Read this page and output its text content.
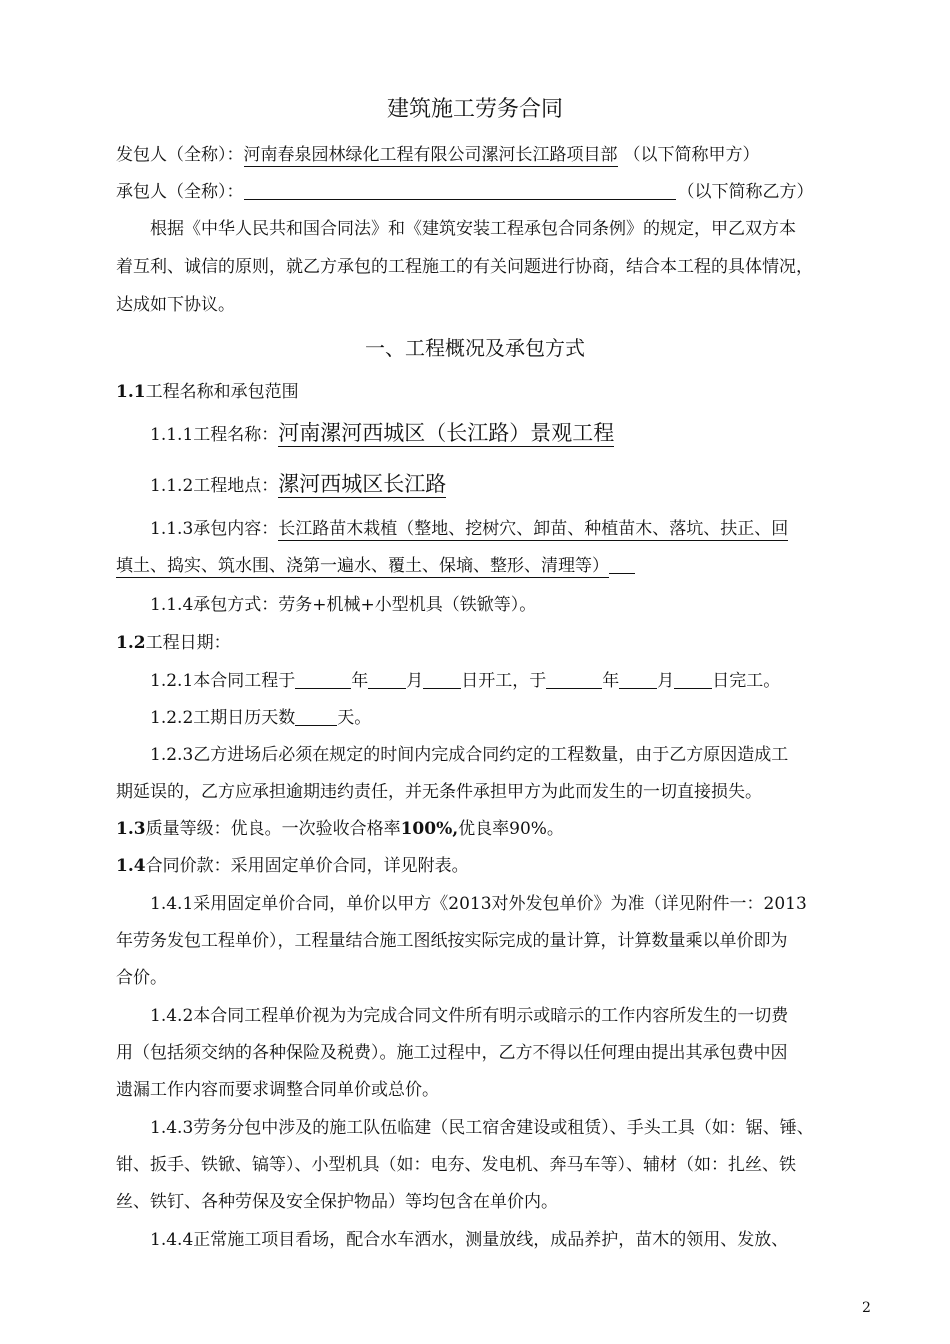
建筑施工劳务合同
发包人（全称）：河南春泉园林绿化工程有限公司漯河长江路项目部 （以下简称甲方）
承包人（全称）：	（以下简称乙方）
根据《中华人民共和国合同法》和《建筑安装工程承包合同条例》的规定，甲乙双方本
着互利、诚信的原则，就乙方承包的工程施工的有关问题进行协商，结合本工程的具体情况，
达成如下协议。
一、工程概况及承包方式
1.1工程名称和承包范围
1.1.1工程名称：河南漯河西城区（长江路）景观工程
1.1.2工程地点：漯河西城区长江路
1.1.3承包内容：长江路苗木栽植（整地、挖树穴、卸苗、种植苗木、落坑、扶正、回
填土、捣实、筑水围、浇第一遍水、覆土、保墒、整形、清理等）
1.1.4承包方式：劳务+机械+小型机具（铁锨等）。
1.2工程日期：
1.2.1本合同工程于	年 月 日开工，于	年 月 日完工。
1.2.2工期日历天数 天。
1.2.3乙方进场后必须在规定的时间内完成合同约定的工程数量，由于乙方原因造成工
期延误的，乙方应承担逾期违约责任，并无条件承担甲方为此而发生的一切直接损失。
1.3质量等级：优良。一次验收合格率100%,优良率90%。
1.4合同价款：采用固定单价合同，详见附表。
1.4.1采用固定单价合同，单价以甲方《2013对外发包单价》为准（详见附件一：2013
年劳务发包工程单价），工程量结合施工图纸按实际完成的量计算，计算数量乘以单价即为
合价。
1.4.2本合同工程单价视为为完成合同文件所有明示或暗示的工作内容所发生的一切费
用（包括须交纳的各种保险及税费）。施工过程中，乙方不得以任何理由提出其承包费中因
遗漏工作内容而要求调整合同单价或总价。
1.4.3劳务分包中涉及的施工队伍临建（民工宿舍建设或租赁）、手头工具（如：锯、锤、
钳、扳手、铁锨、镐等）、小型机具（如：电夯、发电机、奔马车等）、辅材（如：扎丝、铁
丝、铁钉、各种劳保及安全保护物品）等均包含在单价内。
1.4.4正常施工项目看场，配合水车洒水，测量放线，成品养护，苗木的领用、发放、
2
